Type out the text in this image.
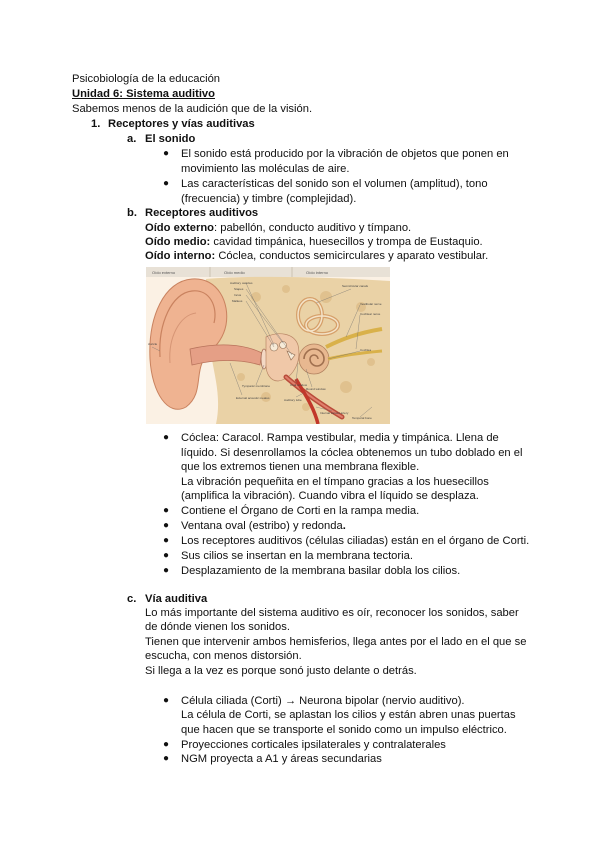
Psicobiología de la educación
Unidad 6: Sistema auditivo
Sabemos menos de la audición que de la visión.
1. Receptores y vías auditivas
a. El sonido
● El sonido está producido por la vibración de objetos que ponen en
movimiento las moléculas de aire.
● Las características del sonido son el volumen (amplitud), tono
(frecuencia) y timbre (complejidad).
b. Receptores auditivos
Oído externo: pabellón, conducto auditivo y tímpano.
Oído medio: cavidad timpánica, huesecillos y trompa de Eustaquio.
Oído interno: Cóclea, conductos semicirculares y aparato vestibular.
Oído externo	Oído medio	Oído interno
Auditory ossicles
Stapes
Incus
Malleus
Semicircular canals
Vestibular nerve
Cochlear nerve
Cochlea
Tympanic membrane
Auditory tube
Auricle
External acoustic meatus
Round window
Oval window
Internal carotid artery
Temporal bone
● Cóclea: Caracol. Rampa vestibular, media y timpánica. Llena de
líquido. Si desenrollamos la cóclea obtenemos un tubo doblado en el
que los extremos tienen una membrana flexible.
La vibración pequeñita en el tímpano gracias a los huesecillos
(amplifica la vibración). Cuando vibra el líquido se desplaza.
● Contiene el Órgano de Corti en la rampa media.
● Ventana oval (estribo) y redonda.
● Los receptores auditivos (células ciliadas) están en el órgano de Corti.
● Sus cilios se insertan en la membrana tectoria.
● Desplazamiento de la membrana basilar dobla los cilios.
c. Vía auditiva
Lo más importante del sistema auditivo es oír, reconocer los sonidos, saber
de dónde vienen los sonidos.
Tienen que intervenir ambos hemisferios, llega antes por el lado en el que se
escucha, con menos distorsión.
Si llega a la vez es porque sonó justo delante o detrás.
● Célula ciliada (Corti) → Neurona bipolar (nervio auditivo).
La célula de Corti, se aplastan los cilios y están abren unas puertas
que hacen que se transporte el sonido como un impulso eléctrico.
● Proyecciones corticales ipsilaterales y contralaterales
● NGM proyecta a A1 y áreas secundarias
